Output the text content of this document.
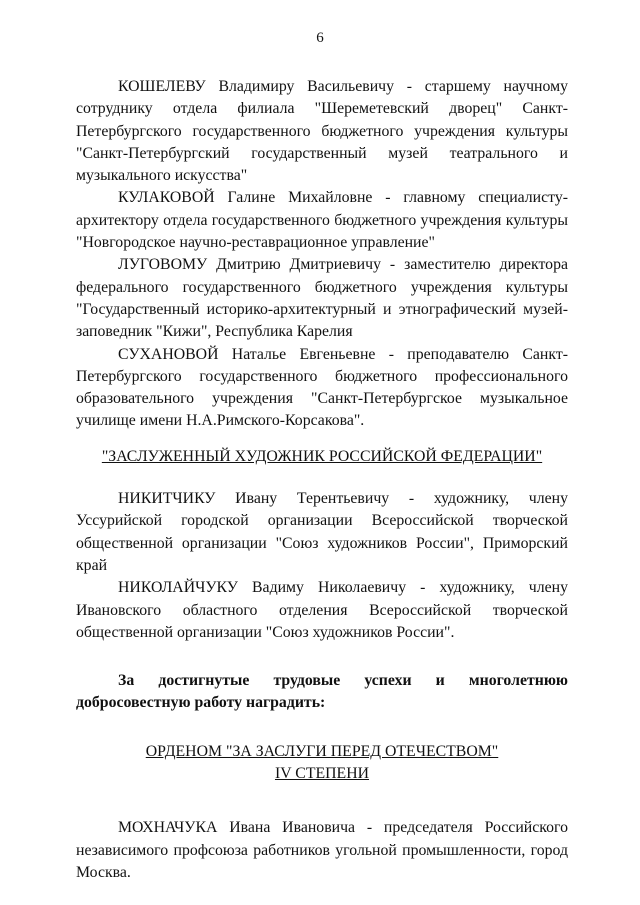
6

КОШЕЛЕВУ Владимиру Васильевичу - старшему научному сотруднику отдела филиала "Шереметевский дворец" Санкт-Петербургского государственного бюджетного учреждения культуры "Санкт-Петербургский государственный музей театрального и музыкального искусства"

КУЛАКОВОЙ Галине Михайловне - главному специалисту-архитектору отдела государственного бюджетного учреждения культуры "Новгородское научно-реставрационное управление"

ЛУГОВОМУ Дмитрию Дмитриевичу - заместителю директора федерального государственного бюджетного учреждения культуры "Государственный историко-архитектурный и этнографический музей-заповедник "Кижи", Республика Карелия

СУХАНОВОЙ Наталье Евгеньевне - преподавателю Санкт-Петербургского государственного бюджетного профессионального образовательного учреждения "Санкт-Петербургское музыкальное училище имени Н.А.Римского-Корсакова".

"ЗАСЛУЖЕННЫЙ ХУДОЖНИК РОССИЙСКОЙ ФЕДЕРАЦИИ"

НИКИТЧИКУ Ивану Терентьевичу - художнику, члену Уссурийской городской организации Всероссийской творческой общественной организации "Союз художников России", Приморский край

НИКОЛАЙЧУКУ Вадиму Николаевичу - художнику, члену Ивановского областного отделения Всероссийской творческой общественной организации "Союз художников России".

За достигнутые трудовые успехи и многолетнюю добросовестную работу наградить:

ОРДЕНОМ "ЗА ЗАСЛУГИ ПЕРЕД ОТЕЧЕСТВОМ"

IV СТЕПЕНИ

МОХНАЧУКА Ивана Ивановича - председателя Российского независимого профсоюза работников угольной промышленности, город Москва.
